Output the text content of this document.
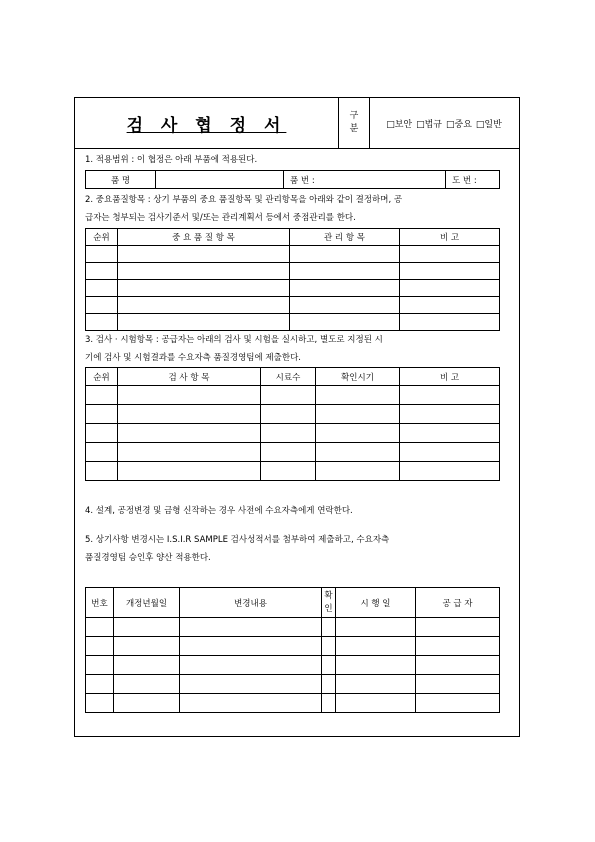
검 사 협 정 서	구 분	□보안 □법규 □중요 □일반
1. 적용범위 : 이 협정은 아래 부품에 적용된다.
품 명		품 번 :		도 번 :
2. 중요품질항목 : 상기 부품의 중요 품질항목 및 관리항목을 아래와 같이 결정하며, 공
급자는 청부되는 검사기준서 및/또는 관리계획서 등에서 중점관리를 한다.
순위	중 요 품 질 항 목	관 리 항 목	비 고

3. 검사 · 시험항목 : 공급자는 아래의 검사 및 시험을 실시하고, 별도로 지정된 시
기에 검사 및 시험결과를 수요자측 품질경영팀에 제출한다.
순위	검 사 항 목	시료수	확인시기	비 고

4. 설계, 공정변경 및 금형 신작하는 경우 사전에 수요자측에게 연락한다.
5. 상기사항 변경시는 I.S.I.R SAMPLE 검사성적서를 첨부하여 제출하고, 수요자측
품질경영팀 승인후 양산 적용한다.
번호	개정년월일	변경내용	확인	시 행 일	공 급 자
